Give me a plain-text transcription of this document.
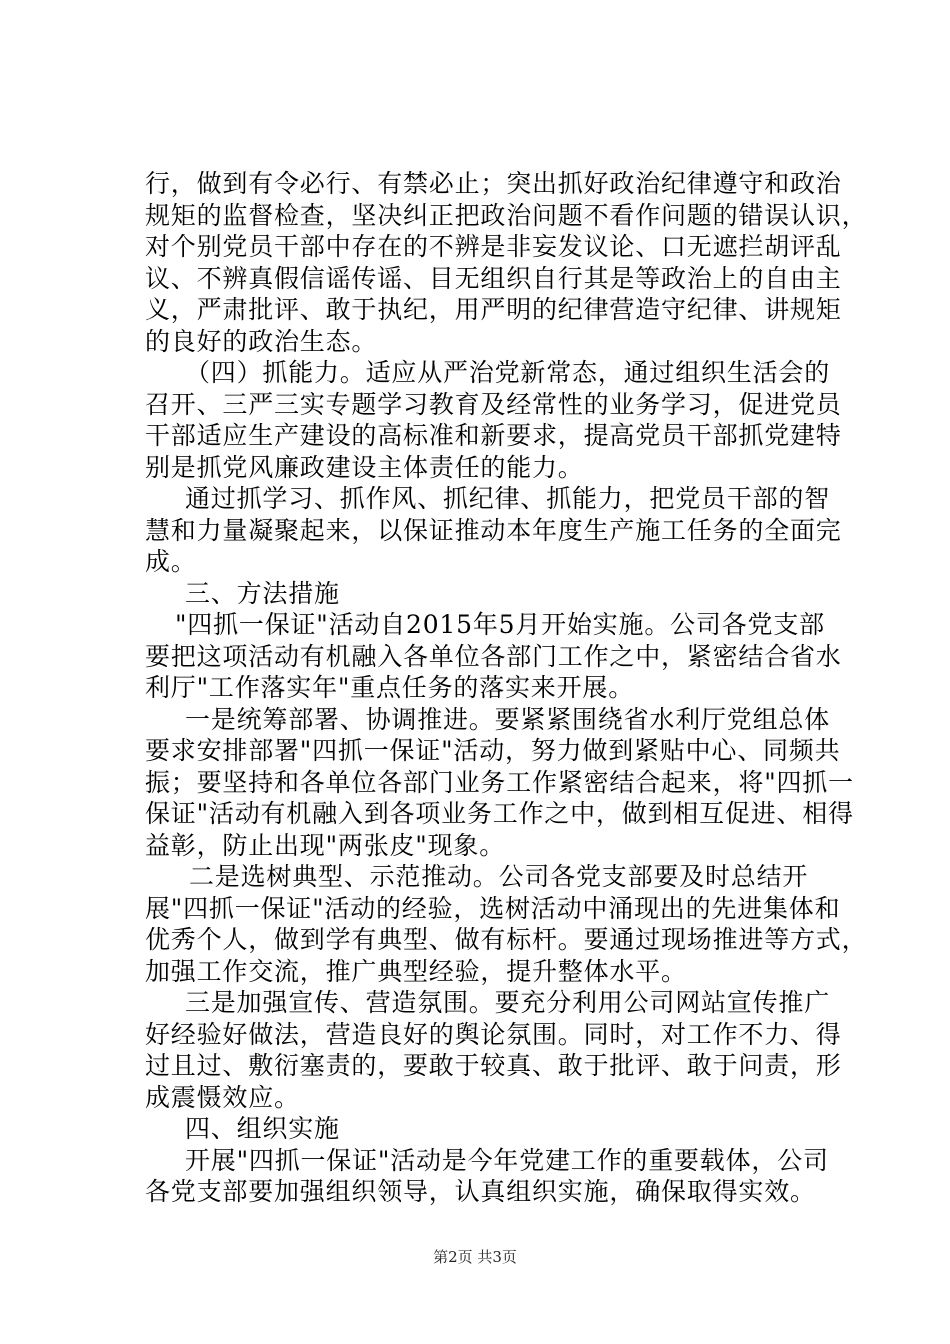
行，做到有令必行、有禁必止；突出抓好政治纪律遵守和政治
规矩的监督检查，坚决纠正把政治问题不看作问题的错误认识，
对个别党员干部中存在的不辨是非妄发议论、口无遮拦胡评乱
议、不辨真假信谣传谣、目无组织自行其是等政治上的自由主
义，严肃批评、敢于执纪，用严明的纪律营造守纪律、讲规矩
的良好的政治生态。
（四）抓能力。适应从严治党新常态，通过组织生活会的
召开、三严三实专题学习教育及经常性的业务学习，促进党员
干部适应生产建设的高标准和新要求，提高党员干部抓党建特
别是抓党风廉政建设主体责任的能力。
通过抓学习、抓作风、抓纪律、抓能力，把党员干部的智
慧和力量凝聚起来，以保证推动本年度生产施工任务的全面完
成。
三、方法措施
"四抓一保证"活动自2015年5月开始实施。公司各党支部
要把这项活动有机融入各单位各部门工作之中，紧密结合省水
利厅"工作落实年"重点任务的落实来开展。
一是统筹部署、协调推进。要紧紧围绕省水利厅党组总体
要求安排部署"四抓一保证"活动，努力做到紧贴中心、同频共
振；要坚持和各单位各部门业务工作紧密结合起来，将"四抓一
保证"活动有机融入到各项业务工作之中，做到相互促进、相得
益彰，防止出现"两张皮"现象。
二是选树典型、示范推动。公司各党支部要及时总结开
展"四抓一保证"活动的经验，选树活动中涌现出的先进集体和
优秀个人，做到学有典型、做有标杆。要通过现场推进等方式，
加强工作交流，推广典型经验，提升整体水平。
三是加强宣传、营造氛围。要充分利用公司网站宣传推广
好经验好做法，营造良好的舆论氛围。同时，对工作不力、得
过且过、敷衍塞责的，要敢于较真、敢于批评、敢于问责，形
成震慑效应。
四、组织实施
开展"四抓一保证"活动是今年党建工作的重要载体，公司
各党支部要加强组织领导，认真组织实施，确保取得实效。
第2页 共3页
